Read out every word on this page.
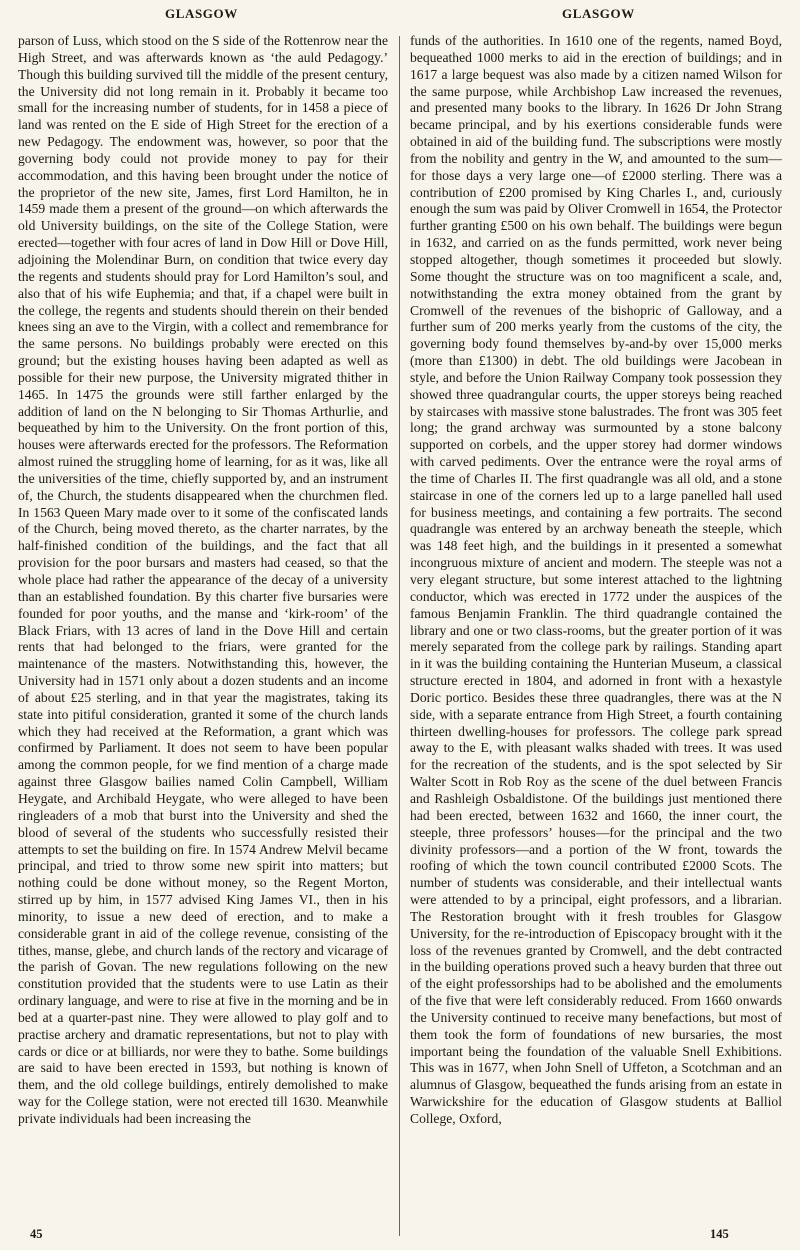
GLASGOW	GLASGOW

parson of Luss, which stood on the S side of the Rottenrow near the High Street, and was afterwards known as ‘the auld Pedagogy.’ Though this building survived till the middle of the present century, the University did not long remain in it. Probably it became too small for the increasing number of students, for in 1458 a piece of land was rented on the E side of High Street for the erection of a new Pedagogy. The endowment was, however, so poor that the governing body could not provide money to pay for their accommodation, and this having been brought under the notice of the proprietor of the new site, James, first Lord Hamilton, he in 1459 made them a present of the ground—on which afterwards the old University buildings, on the site of the College Station, were erected—together with four acres of land in Dow Hill or Dove Hill, adjoining the Molendinar Burn, on condition that twice every day the regents and students should pray for Lord Hamilton’s soul, and also that of his wife Euphemia; and that, if a chapel were built in the college, the regents and students should therein on their bended knees sing an ave to the Virgin, with a collect and remembrance for the same persons. No buildings probably were erected on this ground; but the existing houses having been adapted as well as possible for their new purpose, the University migrated thither in 1465. In 1475 the grounds were still farther enlarged by the addition of land on the N belonging to Sir Thomas Arthurlie, and bequeathed by him to the University. On the front portion of this, houses were afterwards erected for the professors. The Reformation almost ruined the struggling home of learning, for as it was, like all the universities of the time, chiefly supported by, and an instrument of, the Church, the students disappeared when the churchmen fled. In 1563 Queen Mary made over to it some of the confiscated lands of the Church, being moved thereto, as the charter narrates, by the half-finished condition of the buildings, and the fact that all provision for the poor bursars and masters had ceased, so that the whole place had rather the appearance of the decay of a university than an established foundation. By this charter five bursaries were founded for poor youths, and the manse and ‘kirk-room’ of the Black Friars, with 13 acres of land in the Dove Hill and certain rents that had belonged to the friars, were granted for the maintenance of the masters. Notwithstanding this, however, the University had in 1571 only about a dozen students and an income of about £25 sterling, and in that year the magistrates, taking its state into pitiful consideration, granted it some of the church lands which they had received at the Reformation, a grant which was confirmed by Parliament. It does not seem to have been popular among the common people, for we find mention of a charge made against three Glasgow bailies named Colin Campbell, William Heygate, and Archibald Heygate, who were alleged to have been ringleaders of a mob that burst into the University and shed the blood of several of the students who successfully resisted their attempts to set the building on fire. In 1574 Andrew Melvil became principal, and tried to throw some new spirit into matters; but nothing could be done without money, so the Regent Morton, stirred up by him, in 1577 advised King James VI., then in his minority, to issue a new deed of erection, and to make a considerable grant in aid of the college revenue, consisting of the tithes, manse, glebe, and church lands of the rectory and vicarage of the parish of Govan. The new regulations following on the new constitution provided that the students were to use Latin as their ordinary language, and were to rise at five in the morning and be in bed at a quarter-past nine. They were allowed to play golf and to practise archery and dramatic representations, but not to play with cards or dice or at billiards, nor were they to bathe. Some buildings are said to have been erected in 1593, but nothing is known of them, and the old college buildings, entirely demolished to make way for the College station, were not erected till 1630. Meanwhile private individuals had been increasing the

funds of the authorities. In 1610 one of the regents, named Boyd, bequeathed 1000 merks to aid in the erection of buildings; and in 1617 a large bequest was also made by a citizen named Wilson for the same purpose, while Archbishop Law increased the revenues, and presented many books to the library. In 1626 Dr John Strang became principal, and by his exertions considerable funds were obtained in aid of the building fund. The subscriptions were mostly from the nobility and gentry in the W, and amounted to the sum—for those days a very large one—of £2000 sterling. There was a contribution of £200 promised by King Charles I., and, curiously enough the sum was paid by Oliver Cromwell in 1654, the Protector further granting £500 on his own behalf. The buildings were begun in 1632, and carried on as the funds permitted, work never being stopped altogether, though sometimes it proceeded but slowly. Some thought the structure was on too magnificent a scale, and, notwithstanding the extra money obtained from the grant by Cromwell of the revenues of the bishopric of Galloway, and a further sum of 200 merks yearly from the customs of the city, the governing body found themselves by-and-by over 15,000 merks (more than £1300) in debt. The old buildings were Jacobean in style, and before the Union Railway Company took possession they showed three quadrangular courts, the upper storeys being reached by staircases with massive stone balustrades. The front was 305 feet long; the grand archway was surmounted by a stone balcony supported on corbels, and the upper storey had dormer windows with carved pediments. Over the entrance were the royal arms of the time of Charles II. The first quadrangle was all old, and a stone staircase in one of the corners led up to a large panelled hall used for business meetings, and containing a few portraits. The second quadrangle was entered by an archway beneath the steeple, which was 148 feet high, and the buildings in it presented a somewhat incongruous mixture of ancient and modern. The steeple was not a very elegant structure, but some interest attached to the lightning conductor, which was erected in 1772 under the auspices of the famous Benjamin Franklin. The third quadrangle contained the library and one or two class-rooms, but the greater portion of it was merely separated from the college park by railings. Standing apart in it was the building containing the Hunterian Museum, a classical structure erected in 1804, and adorned in front with a hexastyle Doric portico. Besides these three quadrangles, there was at the N side, with a separate entrance from High Street, a fourth containing thirteen dwelling-houses for professors. The college park spread away to the E, with pleasant walks shaded with trees. It was used for the recreation of the students, and is the spot selected by Sir Walter Scott in Rob Roy as the scene of the duel between Francis and Rashleigh Osbaldistone. Of the buildings just mentioned there had been erected, between 1632 and 1660, the inner court, the steeple, three professors’ houses—for the principal and the two divinity professors—and a portion of the W front, towards the roofing of which the town council contributed £2000 Scots. The number of students was considerable, and their intellectual wants were attended to by a principal, eight professors, and a librarian. The Restoration brought with it fresh troubles for Glasgow University, for the re-introduction of Episcopacy brought with it the loss of the revenues granted by Cromwell, and the debt contracted in the building operations proved such a heavy burden that three out of the eight professorships had to be abolished and the emoluments of the five that were left considerably reduced. From 1660 onwards the University continued to receive many benefactions, but most of them took the form of foundations of new bursaries, the most important being the foundation of the valuable Snell Exhibitions. This was in 1677, when John Snell of Uffeton, a Scotchman and an alumnus of Glasgow, bequeathed the funds arising from an estate in Warwickshire for the education of Glasgow students at Balliol College, Oxford,

45	145
